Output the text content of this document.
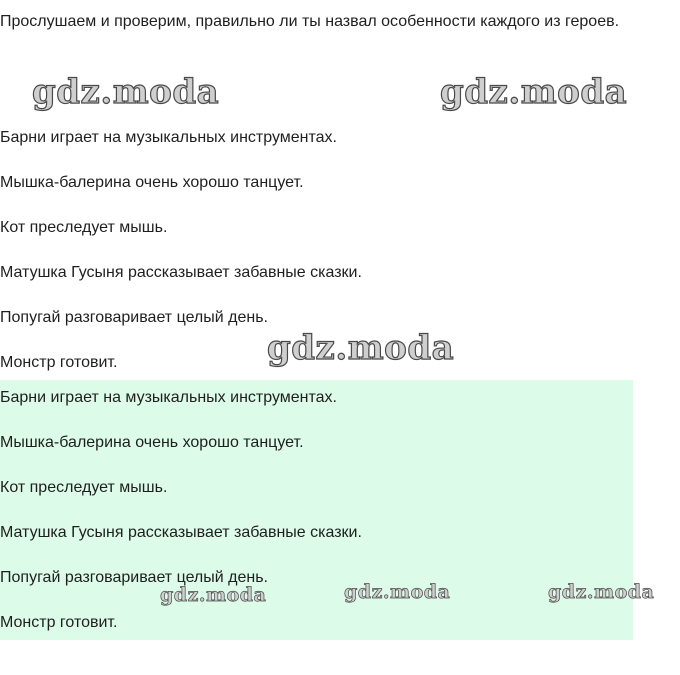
Прослушаем и проверим, правильно ли ты назвал особенности каждого из героев.
Барни играет на музыкальных инструментах.
Мышка-балерина очень хорошо танцует.
Кот преследует мышь.
Матушка Гусыня рассказывает забавные сказки.
Попугай разговаривает целый день.
Монстр готовит.
Барни играет на музыкальных инструментах.
Мышка-балерина очень хорошо танцует.
Кот преследует мышь.
Матушка Гусыня рассказывает забавные сказки.
Попугай разговаривает целый день.
Монстр готовит.
gdz.moda	gdz.moda
gdz.moda
gdz.moda	gdz.moda	gdz.moda
